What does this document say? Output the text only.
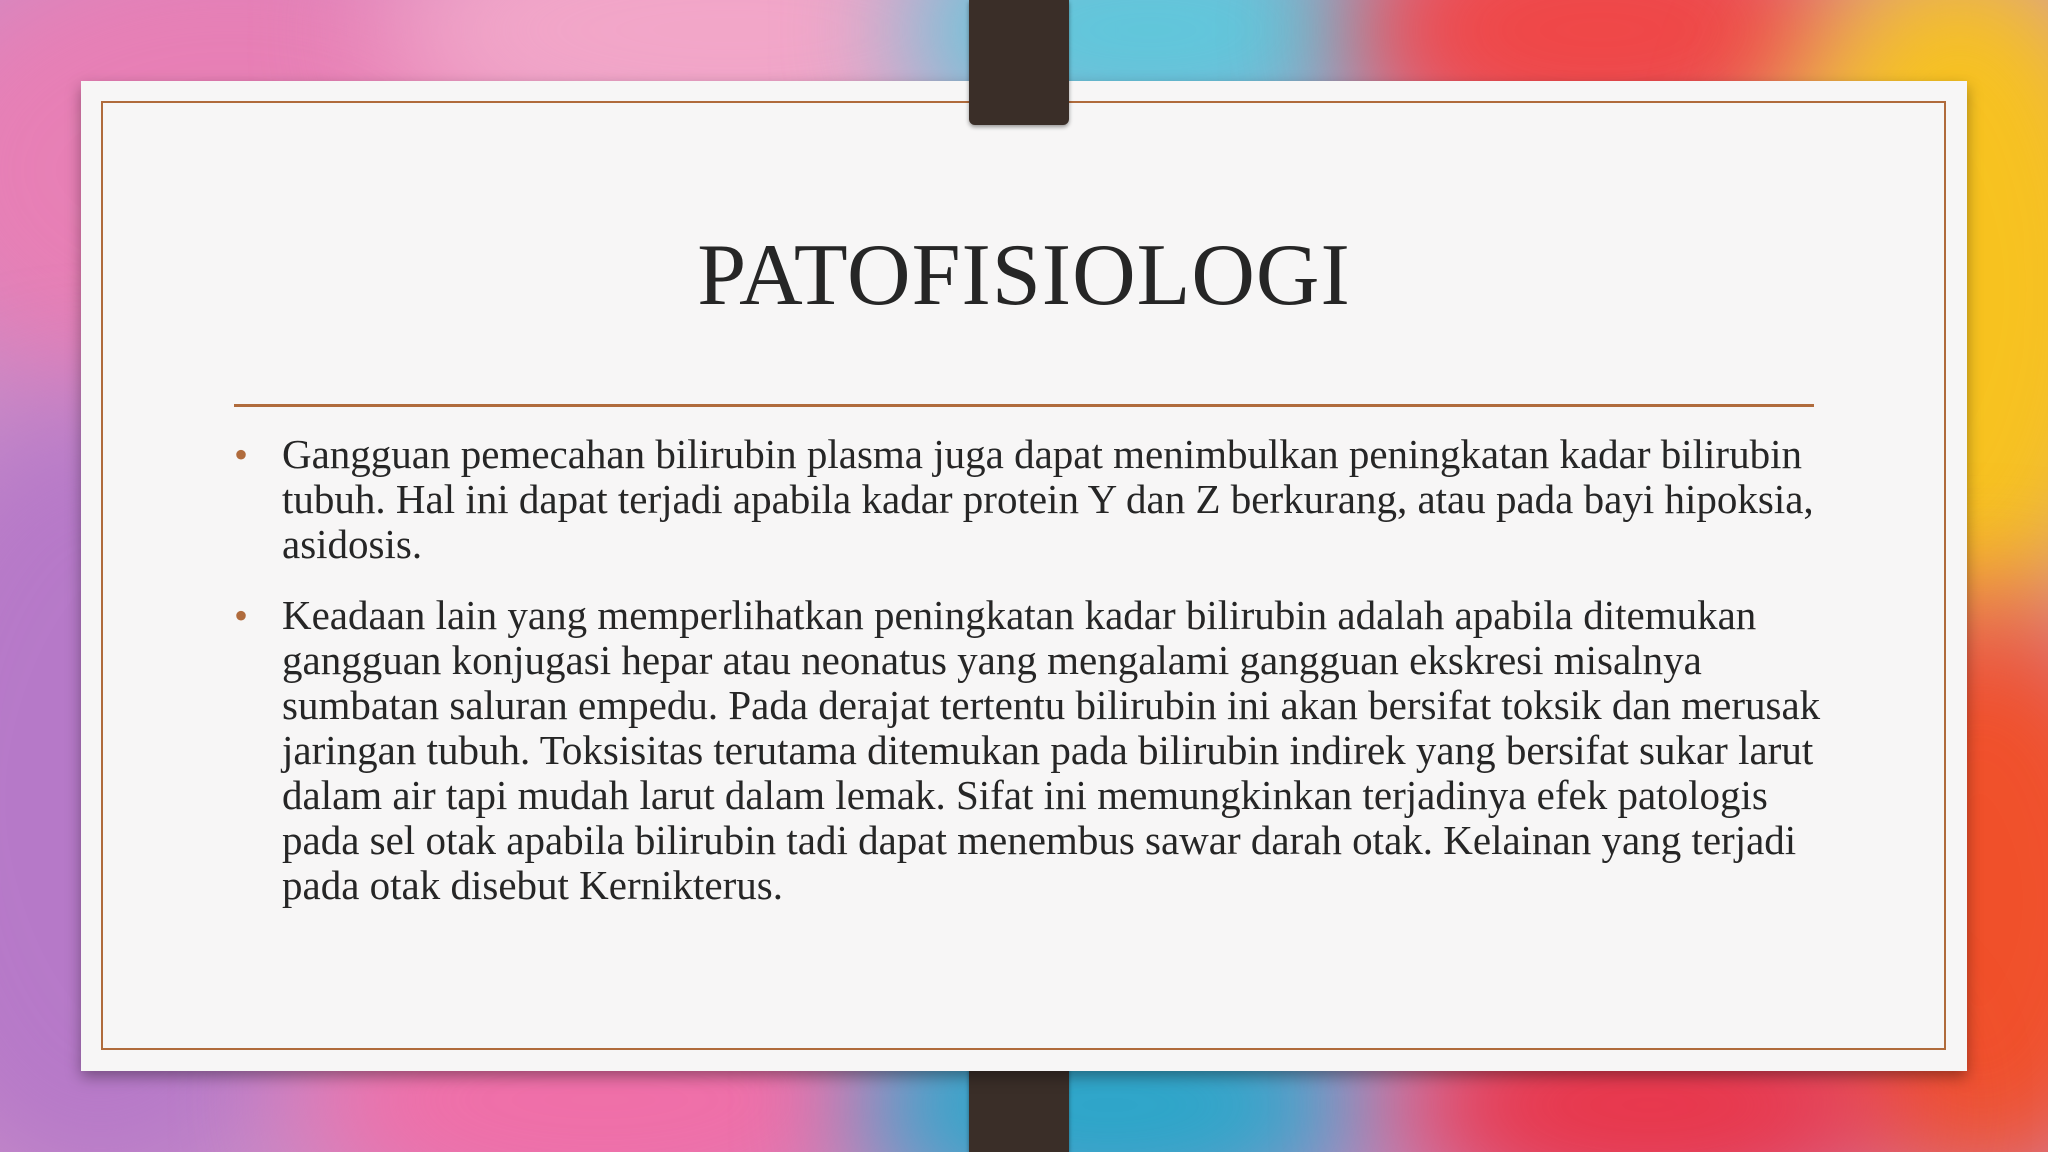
PATOFISIOLOGI
• Gangguan pemecahan bilirubin plasma juga dapat menimbulkan peningkatan kadar bilirubin tubuh. Hal ini dapat terjadi apabila kadar protein Y dan Z berkurang, atau pada bayi hipoksia, asidosis.
• Keadaan lain yang memperlihatkan peningkatan kadar bilirubin adalah apabila ditemukan gangguan konjugasi hepar atau neonatus yang mengalami gangguan ekskresi misalnya sumbatan saluran empedu. Pada derajat tertentu bilirubin ini akan bersifat toksik dan merusak jaringan tubuh. Toksisitas terutama ditemukan pada bilirubin indirek yang bersifat sukar larut dalam air tapi mudah larut dalam lemak. Sifat ini memungkinkan terjadinya efek patologis pada sel otak apabila bilirubin tadi dapat menembus sawar darah otak. Kelainan yang terjadi pada otak disebut Kernikterus.
